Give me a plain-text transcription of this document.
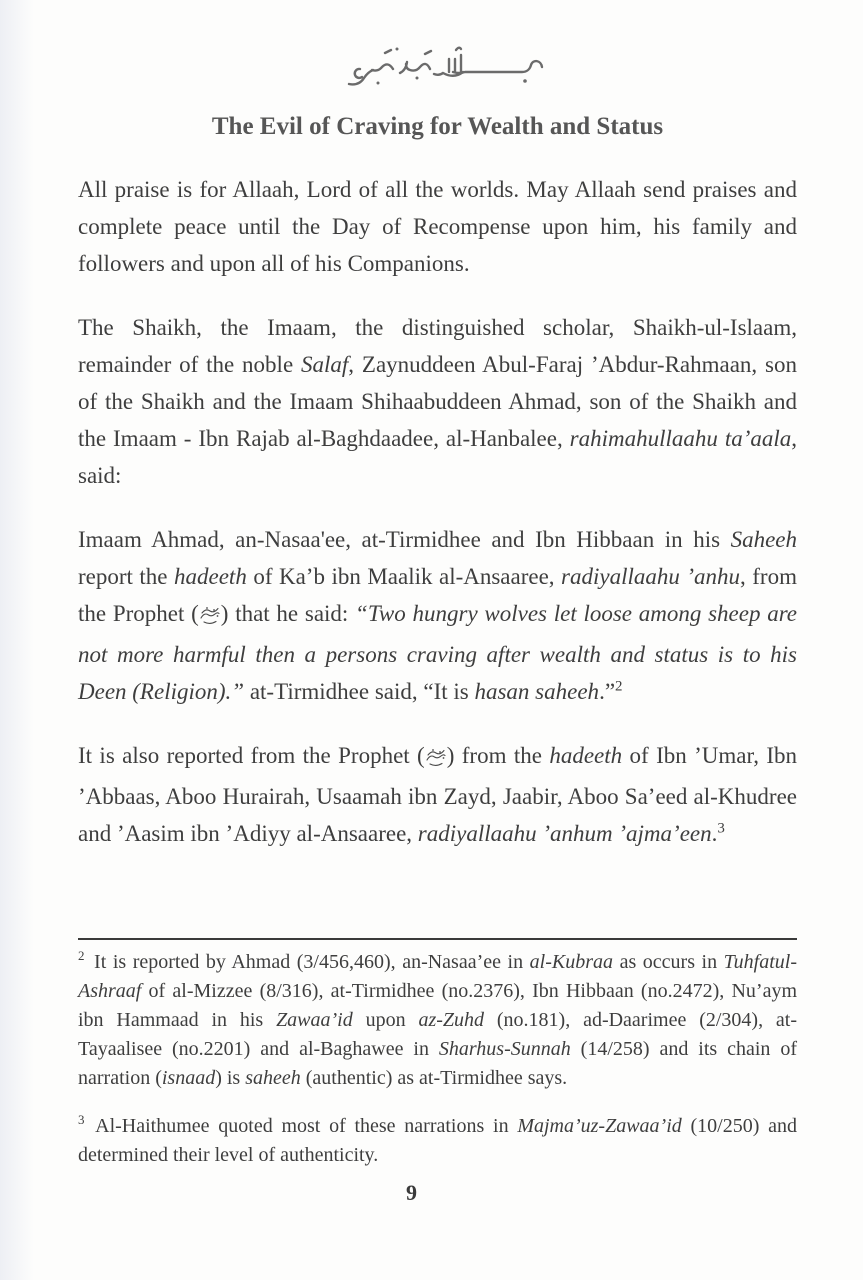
The Evil of Craving for Wealth and Status

All praise is for Allaah, Lord of all the worlds. May Allaah send praises and complete peace until the Day of Recompense upon him, his family and followers and upon all of his Companions.

The Shaikh, the Imaam, the distinguished scholar, Shaikh-ul-Islaam, remainder of the noble Salaf, Zaynuddeen Abul-Faraj ’Abdur-Rahmaan, son of the Shaikh and the Imaam Shihaabuddeen Ahmad, son of the Shaikh and the Imaam - Ibn Rajab al-Baghdaadee, al-Hanbalee, rahimahullaahu ta’aala, said:

Imaam Ahmad, an-Nasaa'ee, at-Tirmidhee and Ibn Hibbaan in his Saheeh report the hadeeth of Ka’b ibn Maalik al-Ansaaree, radiyallaahu ’anhu, from the Prophet ( ) that he said: “Two hungry wolves let loose among sheep are not more harmful then a persons craving after wealth and status is to his Deen (Religion).” at-Tirmidhee said, “It is hasan saheeh.”$^2$

It is also reported from the Prophet ( ) from the hadeeth of Ibn ’Umar, Ibn ’Abbaas, Aboo Hurairah, Usaamah ibn Zayd, Jaabir, Aboo Sa’eed al-Khudree and ’Aasim ibn ’Adiyy al-Ansaaree, radiyallaahu ’anhum ’ajma’een.$^3$

$^2$ It is reported by Ahmad (3/456,460), an-Nasaa’ee in al-Kubraa as occurs in Tuhfatul-Ashraaf of al-Mizzee (8/316), at-Tirmidhee (no.2376), Ibn Hibbaan (no.2472), Nu’aym ibn Hammaad in his Zawaa’id upon az-Zuhd (no.181), ad-Daarimee (2/304), at-Tayaalisee (no.2201) and al-Baghawee in Sharhus-Sunnah (14/258) and its chain of narration (isnaad) is saheeh (authentic) as at-Tirmidhee says.
$^3$ Al-Haithumee quoted most of these narrations in Majma’uz-Zawaa’id (10/250) and determined their level of authenticity.
9
